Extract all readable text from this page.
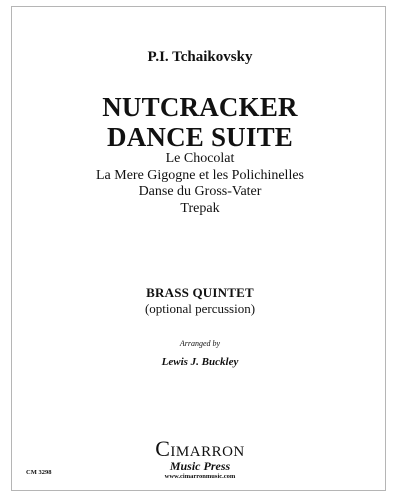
P.I. Tchaikovsky
NUTCRACKER
DANCE SUITE
Le Chocolat
La Mere Gigogne et les Polichinelles
Danse du Gross-Vater
Trepak
BRASS QUINTET
(optional percussion)
Arranged by
Lewis J. Buckley
Cimarron
Music Press
www.cimarronmusic.com
CM 3298
